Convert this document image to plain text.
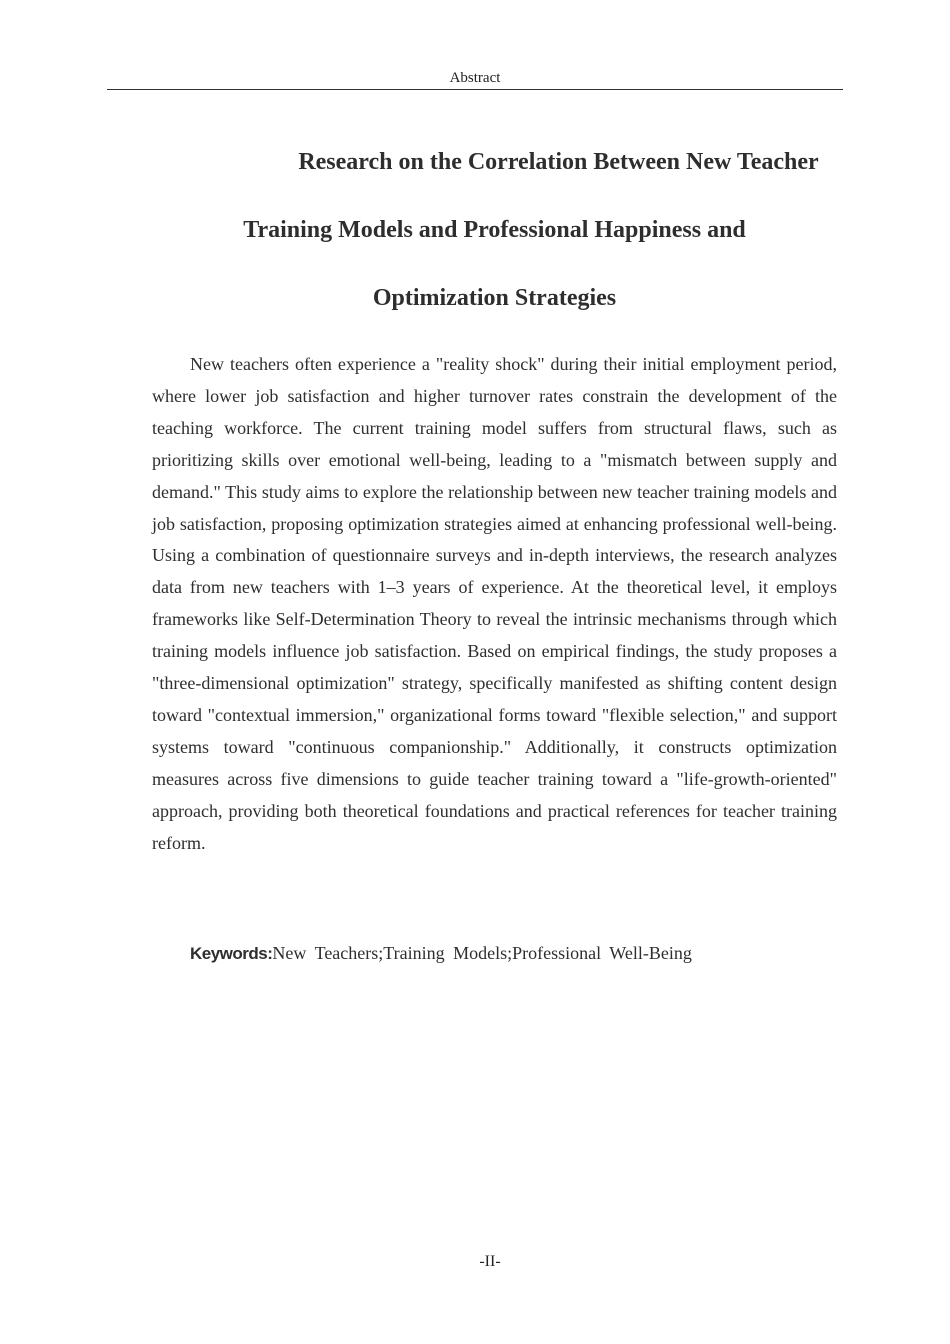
Abstract
Research on the Correlation Between New Teacher
Training Models and Professional Happiness and
Optimization Strategies

New teachers often experience a "reality shock" during their initial employment period, where lower job satisfaction and higher turnover rates constrain the development of the teaching workforce. The current training model suffers from structural flaws, such as prioritizing skills over emotional well-being, leading to a "mismatch between supply and demand." This study aims to explore the relationship between new teacher training models and job satisfaction, proposing optimization strategies aimed at enhancing professional well-being. Using a combination of questionnaire surveys and in-depth interviews, the research analyzes data from new teachers with 1–3 years of experience. At the theoretical level, it employs frameworks like Self-Determination Theory to reveal the intrinsic mechanisms through which training models influence job satisfaction. Based on empirical findings, the study proposes a "three-dimensional optimization" strategy, specifically manifested as shifting content design toward "contextual immersion," organizational forms toward "flexible selection," and support systems toward "continuous companionship." Additionally, it constructs optimization measures across five dimensions to guide teacher training toward a "life-growth-oriented" approach, providing both theoretical foundations and practical references for teacher training reform.

Keywords:New Teachers;Training Models;Professional Well-Being
-II-
